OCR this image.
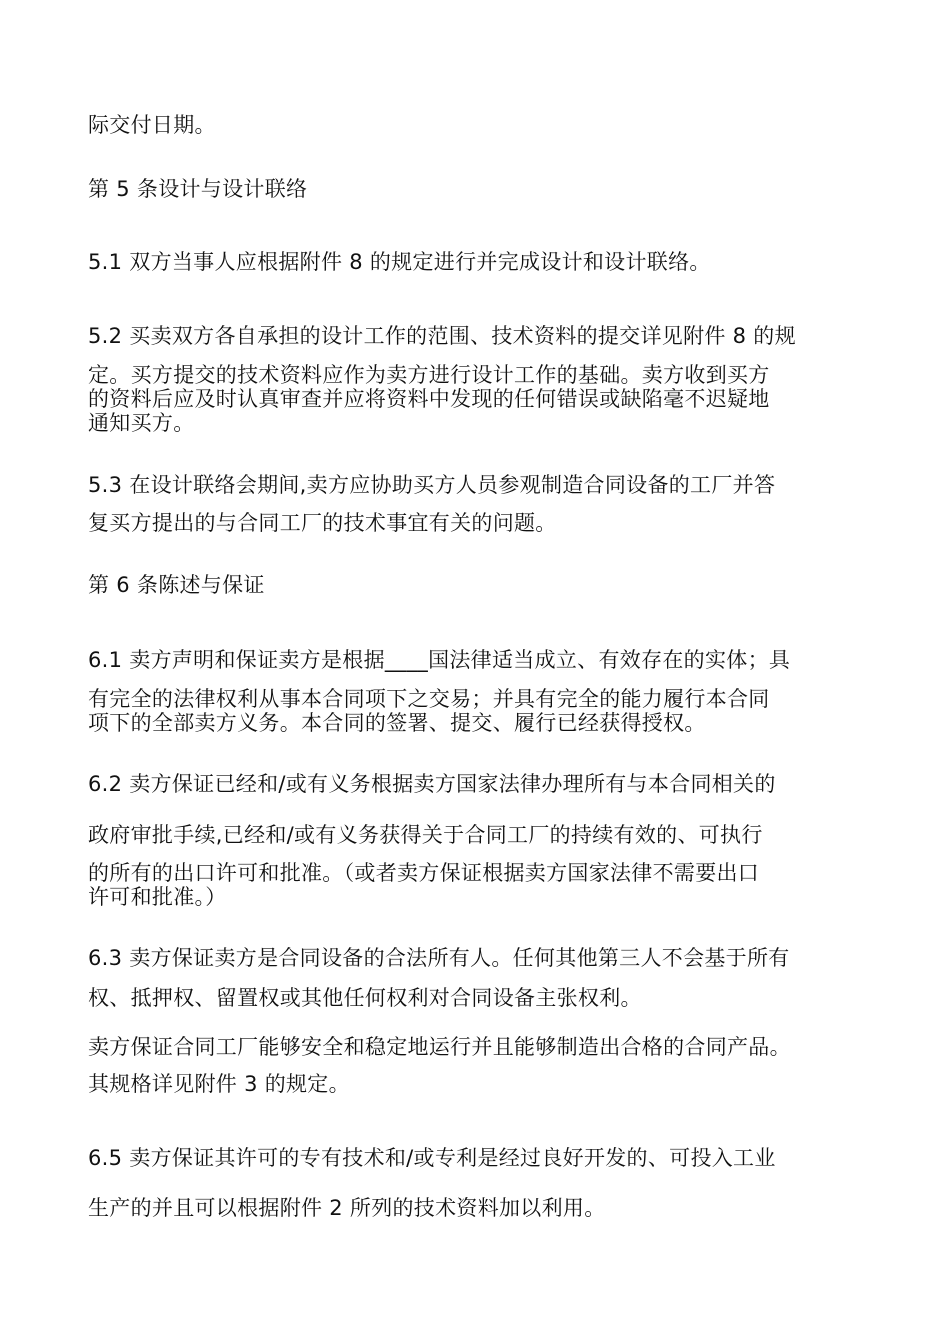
际交付日期。

第 5 条设计与设计联络

5.1 双方当事人应根据附件 8 的规定进行并完成设计和设计联络。

5.2 买卖双方各自承担的设计工作的范围、技术资料的提交详见附件 8 的规

定。买方提交的技术资料应作为卖方进行设计工作的基础。卖方收到买方

的资料后应及时认真审查并应将资料中发现的任何错误或缺陷毫不迟疑地

通知买方。

5.3 在设计联络会期间,卖方应协助买方人员参观制造合同设备的工厂并答

复买方提出的与合同工厂的技术事宜有关的问题。

第 6 条陈述与保证

6.1 卖方声明和保证卖方是根据____国法律适当成立、有效存在的实体；具

有完全的法律权利从事本合同项下之交易；并具有完全的能力履行本合同

项下的全部卖方义务。本合同的签署、提交、履行已经获得授权。

6.2 卖方保证已经和/或有义务根据卖方国家法律办理所有与本合同相关的

政府审批手续,已经和/或有义务获得关于合同工厂的持续有效的、可执行

的所有的出口许可和批准。（或者卖方保证根据卖方国家法律不需要出口

许可和批准。）

6.3 卖方保证卖方是合同设备的合法所有人。任何其他第三人不会基于所有

权、抵押权、留置权或其他任何权利对合同设备主张权利。

卖方保证合同工厂能够安全和稳定地运行并且能够制造出合格的合同产品。

其规格详见附件 3 的规定。

6.5 卖方保证其许可的专有技术和/或专利是经过良好开发的、可投入工业

生产的并且可以根据附件 2 所列的技术资料加以利用。
